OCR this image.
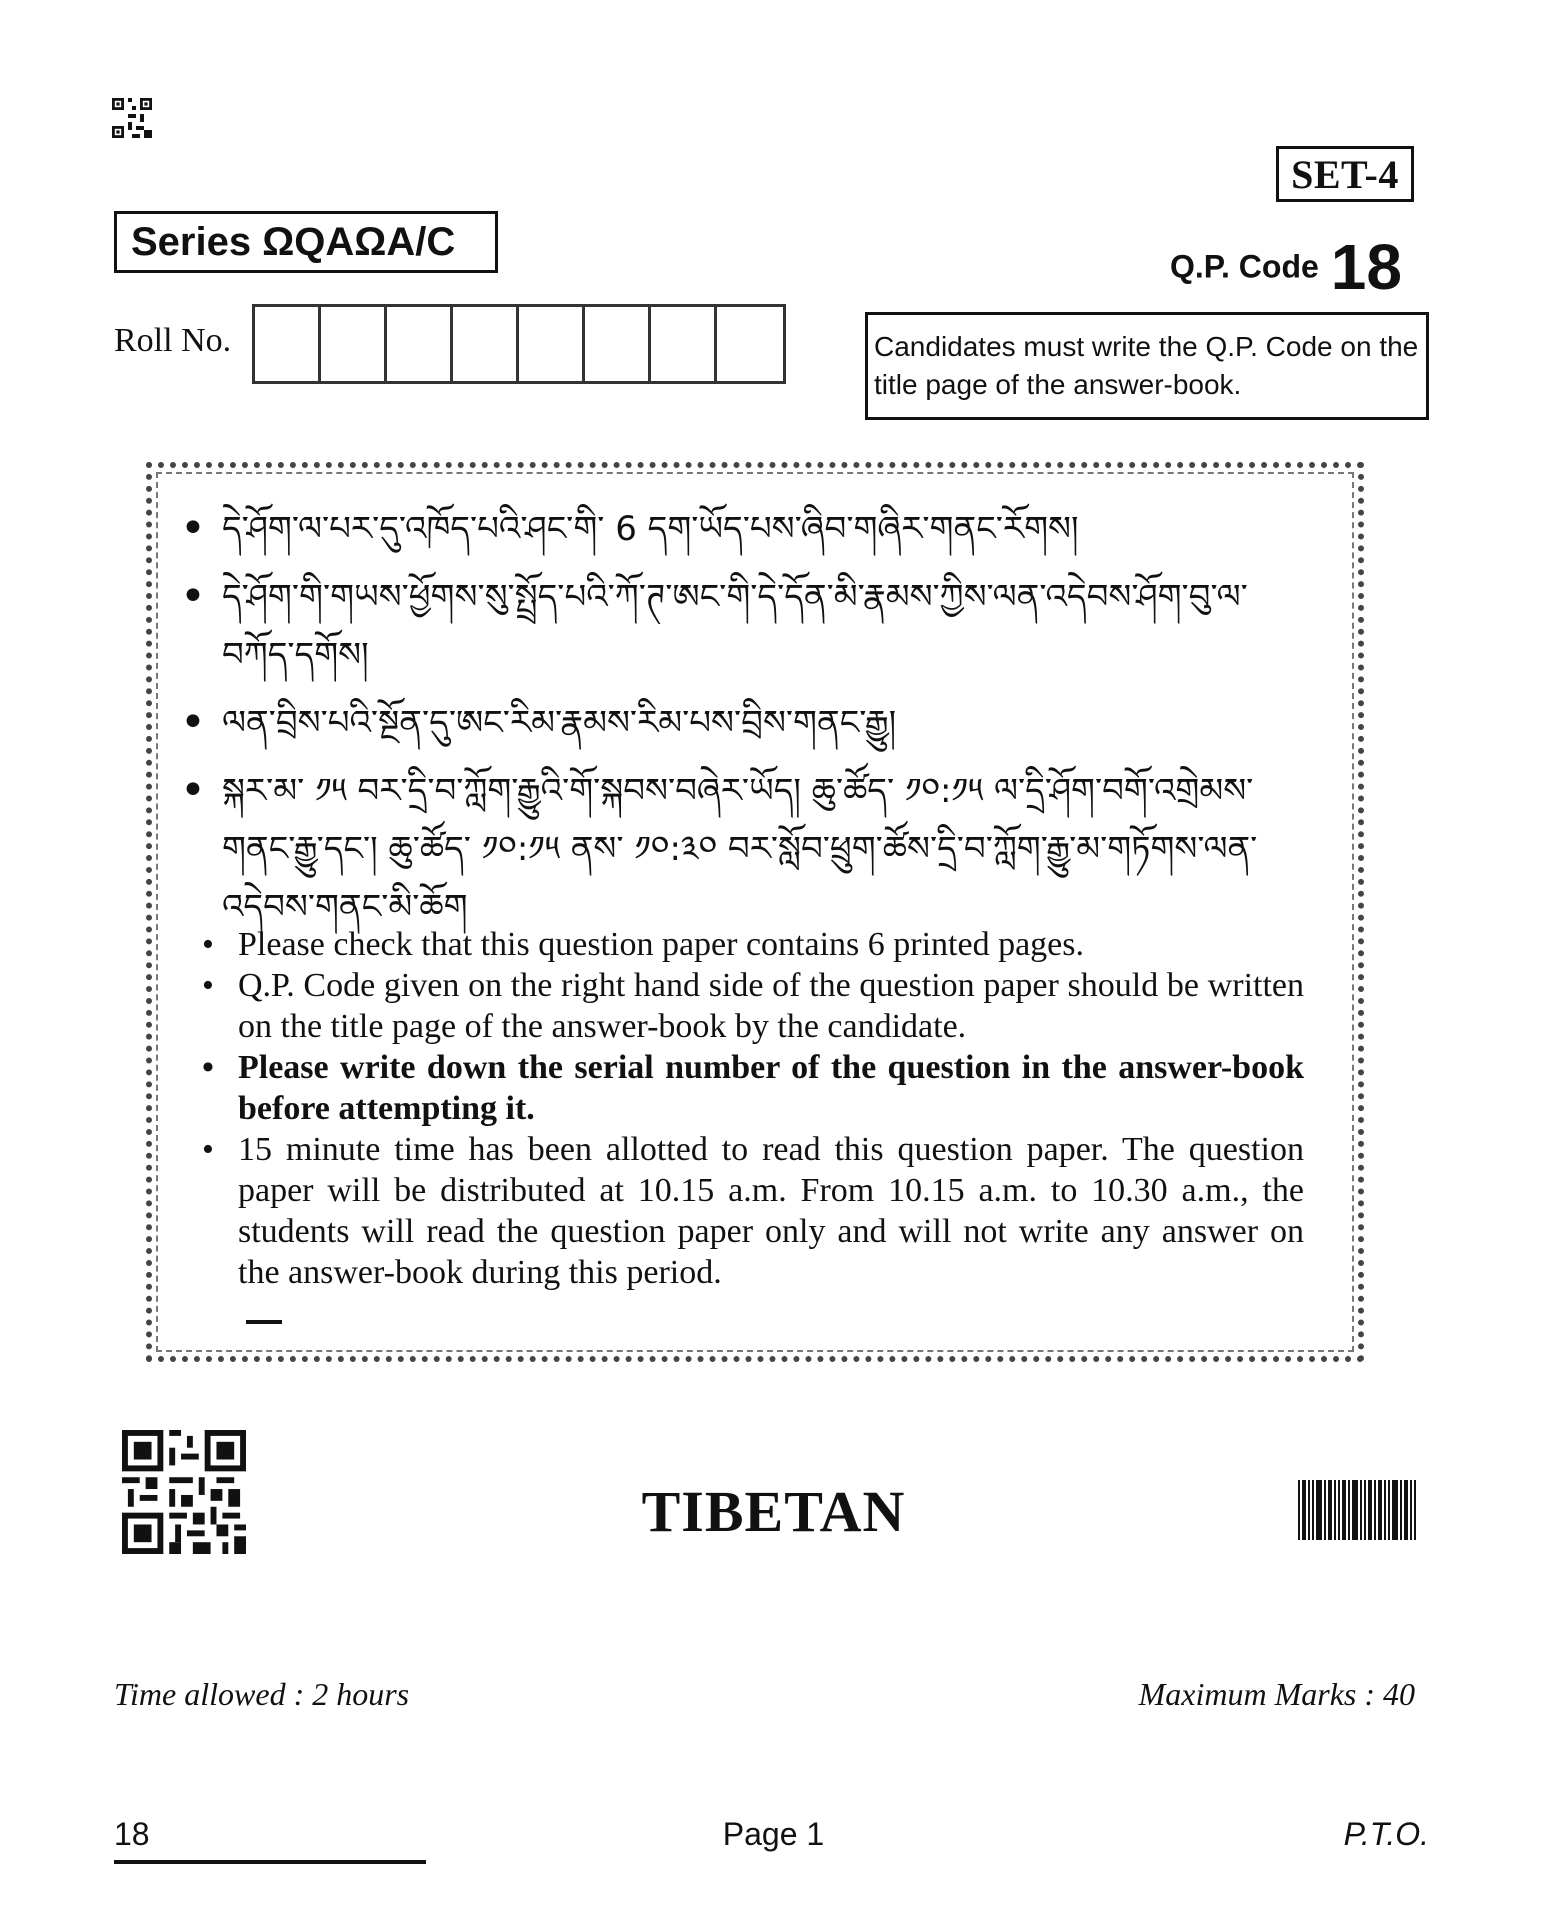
SET-4
Series ΩQAΩA/C
Q.P. Code 18
Roll No.	Candidates must write the Q.P. Code on the title page of the answer-book.
• དེ་ཤོག་ལ་པར་དུ་འཁོད་པའི་ཤང་གི་ 6 དག་ཡོད་པས་ཞིབ་གཞིར་གནང་རོགས།
• དེ་ཤོག་གི་གཡས་ཕྱོགས་སུ་སྤྲོད་པའི་ཀོ་ཊ་ཨང་གི་དེ་དོན་མི་རྣམས་ཀྱིས་ལན་འདེབས་ཤོག་བུ་ལ་བཀོད་དགོས།
• ལན་བྲིས་པའི་སྔོན་དུ་ཨང་རིམ་རྣམས་རིམ་པས་བྲིས་གནང་རྒྱུ།
• སྐར་མ་ ༡༥ བར་དྲི་བ་ཀློག་རྒྱུའི་གོ་སྐབས་བཞེར་ཡོད། ཆུ་ཚོད་ ༡༠:༡༥ ལ་དྲི་ཤོག་བགོ་འགྲེམས་གནང་རྒྱུ་དང་། ཆུ་ཚོད་ ༡༠:༡༥ ནས་ ༡༠:༣༠ བར་སློབ་ཕྲུག་ཚོས་དྲི་བ་ཀློག་རྒྱུ་མ་གཏོགས་ལན་འདེབས་གནང་མི་ཆོག
• Please check that this question paper contains 6 printed pages.
• Q.P. Code given on the right hand side of the question paper should be written on the title page of the answer-book by the candidate.
• Please write down the serial number of the question in the answer-book before attempting it.
• 15 minute time has been allotted to read this question paper. The question paper will be distributed at 10.15 a.m. From 10.15 a.m. to 10.30 a.m., the students will read the question paper only and will not write any answer on the answer-book during this period.
TIBETAN
Time allowed : 2 hours	Maximum Marks : 40
18	Page 1	P.T.O.
